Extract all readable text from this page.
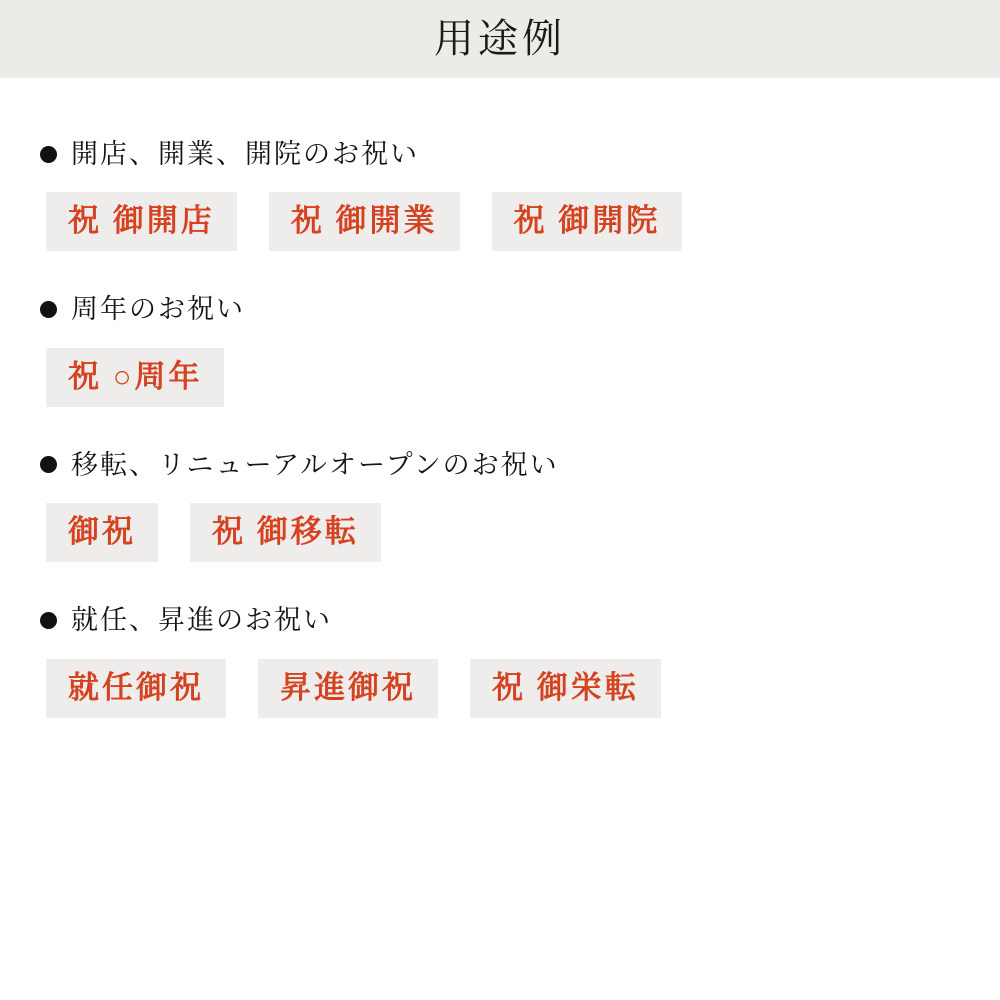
用途例
開店、開業、開院のお祝い
祝 御開店	祝 御開業	祝 御開院
周年のお祝い
祝 ○周年
移転、リニューアルオープンのお祝い
御祝	祝 御移転
就任、昇進のお祝い
就任御祝	昇進御祝	祝 御栄転
